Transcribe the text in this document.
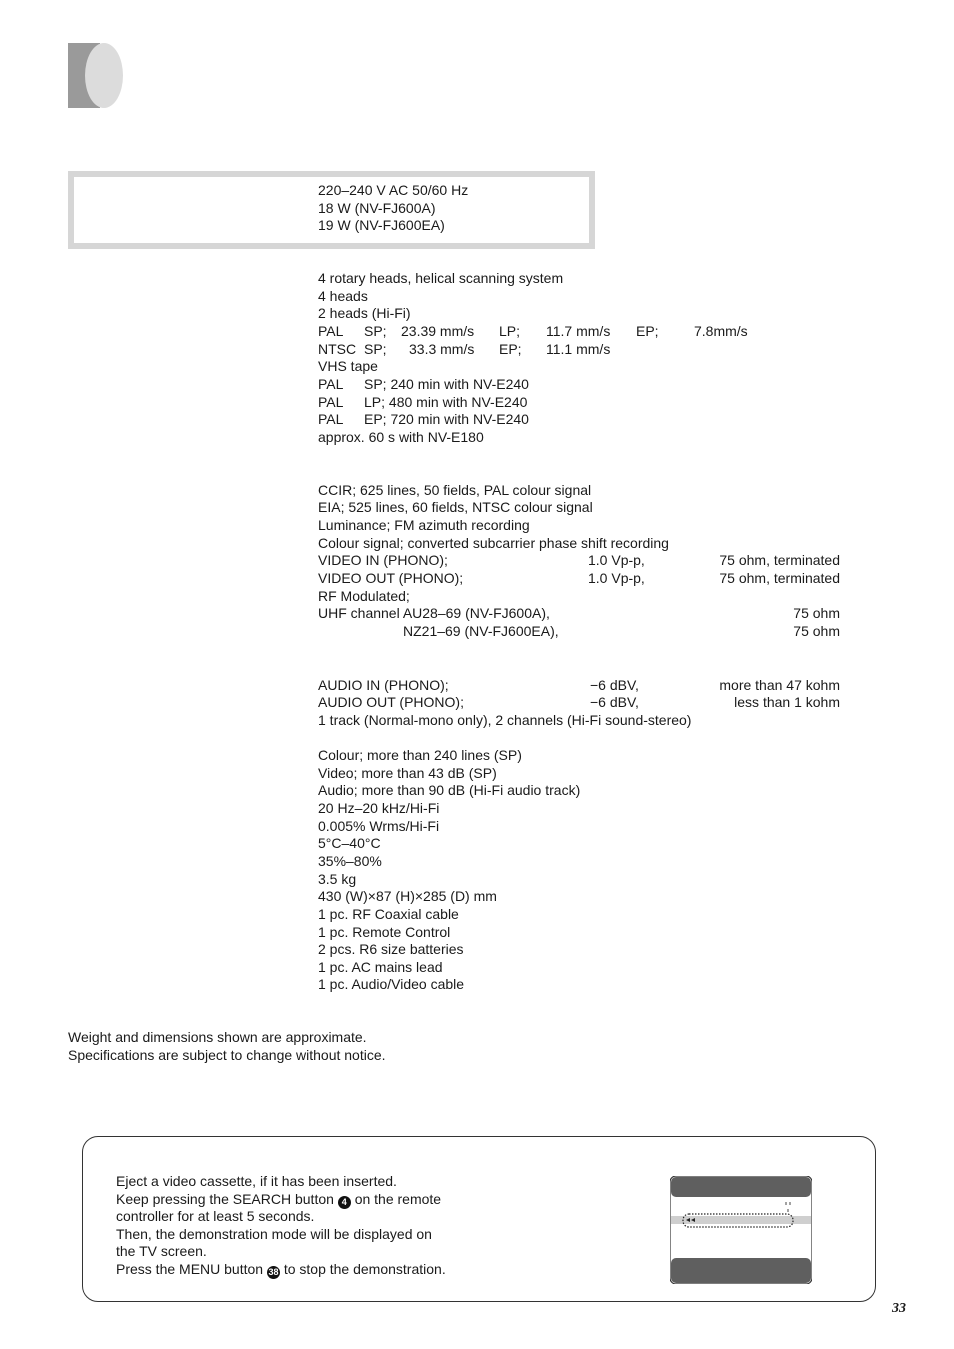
220–240 V AC 50/60 Hz
18 W (NV-FJ600A)
19 W (NV-FJ600EA)
4 rotary heads, helical scanning system
4 heads
2 heads (Hi-Fi)
PAL SP; 23.39 mm/s LP; 11.7 mm/s EP;	7.8mm/s
NTSC SP; 33.3 mm/s EP; 11.1 mm/s
VHS tape
PAL SP; 240 min with NV-E240
PAL LP; 480 min with NV-E240
PAL EP; 720 min with NV-E240
approx. 60 s with NV-E180
CCIR; 625 lines, 50 fields, PAL colour signal
EIA; 525 lines, 60 fields, NTSC colour signal
Luminance; FM azimuth recording
Colour signal; converted subcarrier phase shift recording
VIDEO IN (PHONO);	1.0 Vp-p,	75 ohm, terminated
VIDEO OUT (PHONO);	1.0 Vp-p,	75 ohm, terminated
RF Modulated;
UHF channel AU28–69 (NV-FJ600A),	75 ohm
NZ21–69 (NV-FJ600EA),	75 ohm
AUDIO IN (PHONO);	−6 dBV,	more than 47 kohm
AUDIO OUT (PHONO);	−6 dBV,	less than 1 kohm
1 track (Normal-mono only), 2 channels (Hi-Fi sound-stereo)
Colour; more than 240 lines (SP)
Video; more than 43 dB (SP)
Audio; more than 90 dB (Hi-Fi audio track)
20 Hz–20 kHz/Hi-Fi
0.005% Wrms/Hi-Fi
5°C–40°C
35%–80%
3.5 kg
430 (W)×87 (H)×285 (D) mm
1 pc. RF Coaxial cable
1 pc. Remote Control
2 pcs. R6 size batteries
1 pc. AC mains lead
1 pc. Audio/Video cable
Weight and dimensions shown are approximate.
Specifications are subject to change without notice.
Eject a video cassette, if it has been inserted.
Keep pressing the SEARCH button 4 on the remote
controller for at least 5 seconds.
Then, the demonstration mode will be displayed on
the TV screen.
Press the MENU button 38 to stop the demonstration.
33
